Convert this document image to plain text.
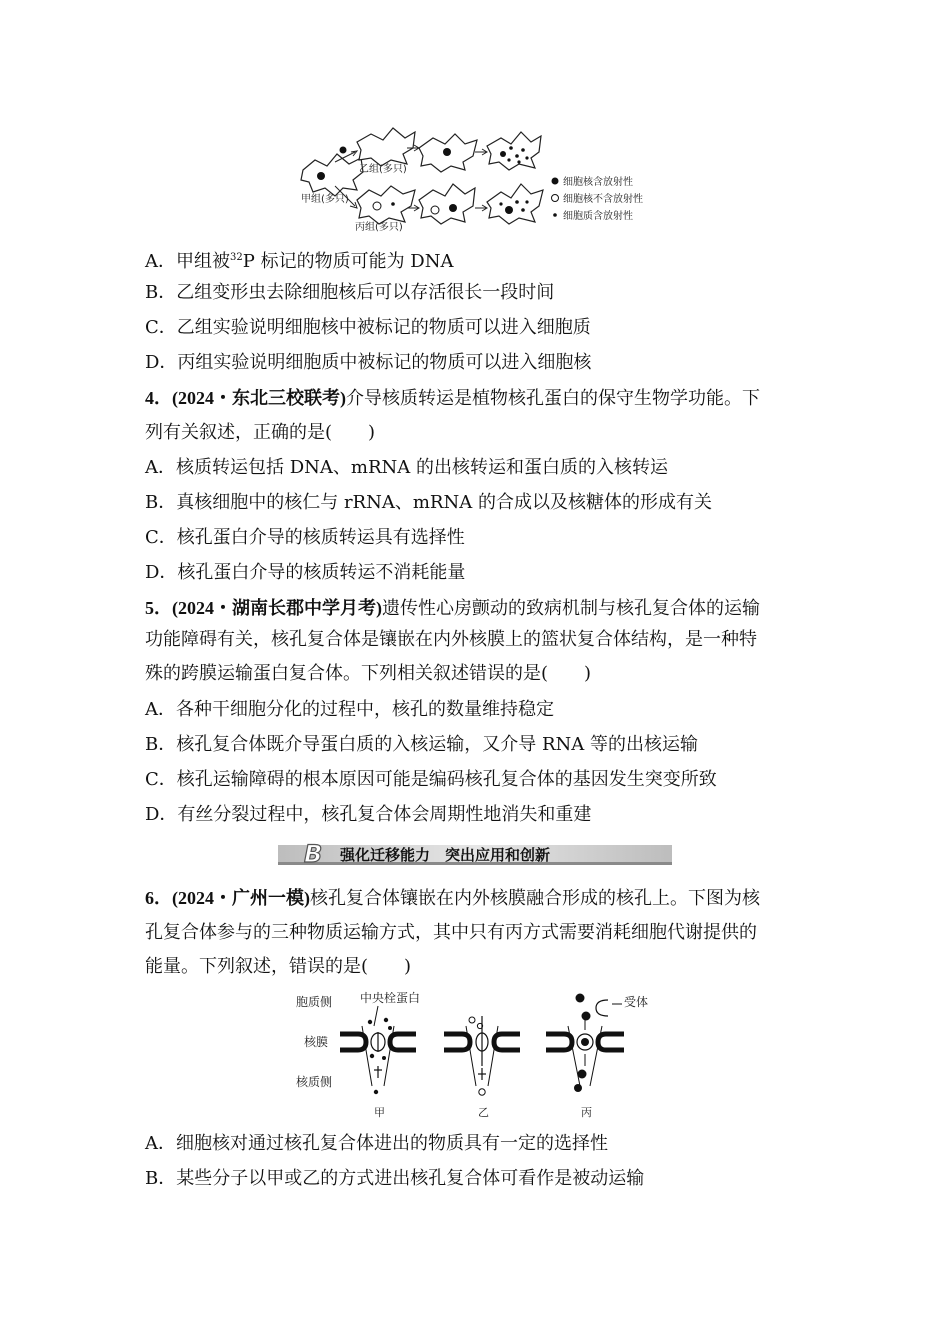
乙组(多只)
甲组(多只)
丙组(多只)
细胞核含放射性
细胞核不含放射性
细胞质含放射性
A．甲组被$^{32}$P 标记的物质可能为 DNA
B．乙组变形虫去除细胞核后可以存活很长一段时间
C．乙组实验说明细胞核中被标记的物质可以进入细胞质
D．丙组实验说明细胞质中被标记的物质可以进入细胞核
4．(2024・东北三校联考)介导核质转运是植物核孔蛋白的保守生物学功能。下
列有关叙述，正确的是(　　)
A．核质转运包括 DNA、mRNA 的出核转运和蛋白质的入核转运
B．真核细胞中的核仁与 rRNA、mRNA 的合成以及核糖体的形成有关
C．核孔蛋白介导的核质转运具有选择性
D．核孔蛋白介导的核质转运不消耗能量
5．(2024・湖南长郡中学月考)遗传性心房颤动的致病机制与核孔复合体的运输
功能障碍有关，核孔复合体是镶嵌在内外核膜上的篮状复合体结构，是一种特
殊的跨膜运输蛋白复合体。下列相关叙述错误的是(　　)
A．各种干细胞分化的过程中，核孔的数量维持稳定
B．核孔复合体既介导蛋白质的入核运输，又介导 RNA 等的出核运输
C．核孔运输障碍的根本原因可能是编码核孔复合体的基因发生突变所致
D．有丝分裂过程中，核孔复合体会周期性地消失和重建
B 强化迁移能力　突出应用和创新
6．(2024・广州一模)核孔复合体镶嵌在内外核膜融合形成的核孔上。下图为核
孔复合体参与的三种物质运输方式，其中只有丙方式需要消耗细胞代谢提供的
能量。下列叙述，错误的是(　　)
胞质侧 中央栓蛋白
核膜
核质侧
受体
甲	乙	丙
A．细胞核对通过核孔复合体进出的物质具有一定的选择性
B．某些分子以甲或乙的方式进出核孔复合体可看作是被动运输
